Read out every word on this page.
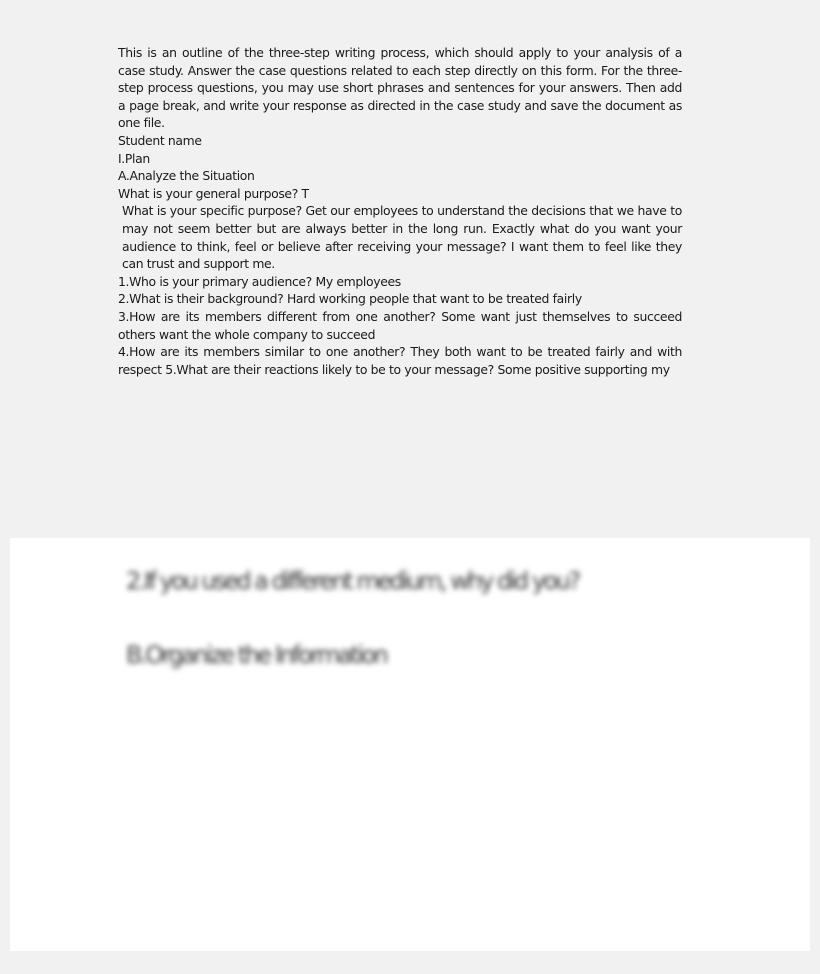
This is an outline of the three-step writing process, which should apply to your analysis of a case study. Answer the case questions related to each step directly on this form. For the three-step process questions, you may use short phrases and sentences for your answers. Then add a page break, and write your response as directed in the case study and save the document as one file.

Student name

I.Plan

A.Analyze the Situation

What is your general purpose? T

What is your specific purpose? Get our employees to understand the decisions that we have to may not seem better but are always better in the long run. Exactly what do you want your audience to think, feel or believe after receiving your message? I want them to feel like they can trust and support me.

1.Who is your primary audience? My employees

2.What is their background? Hard working people that want to be treated fairly

3.How are its members different from one another? Some want just themselves to succeed others want the whole company to succeed

4.How are its members similar to one another? They both want to be treated fairly and with respect 5.What are their reactions likely to be to your message? Some positive supporting my

2.If you used a different medium, why did you?
B.Organize the Information
